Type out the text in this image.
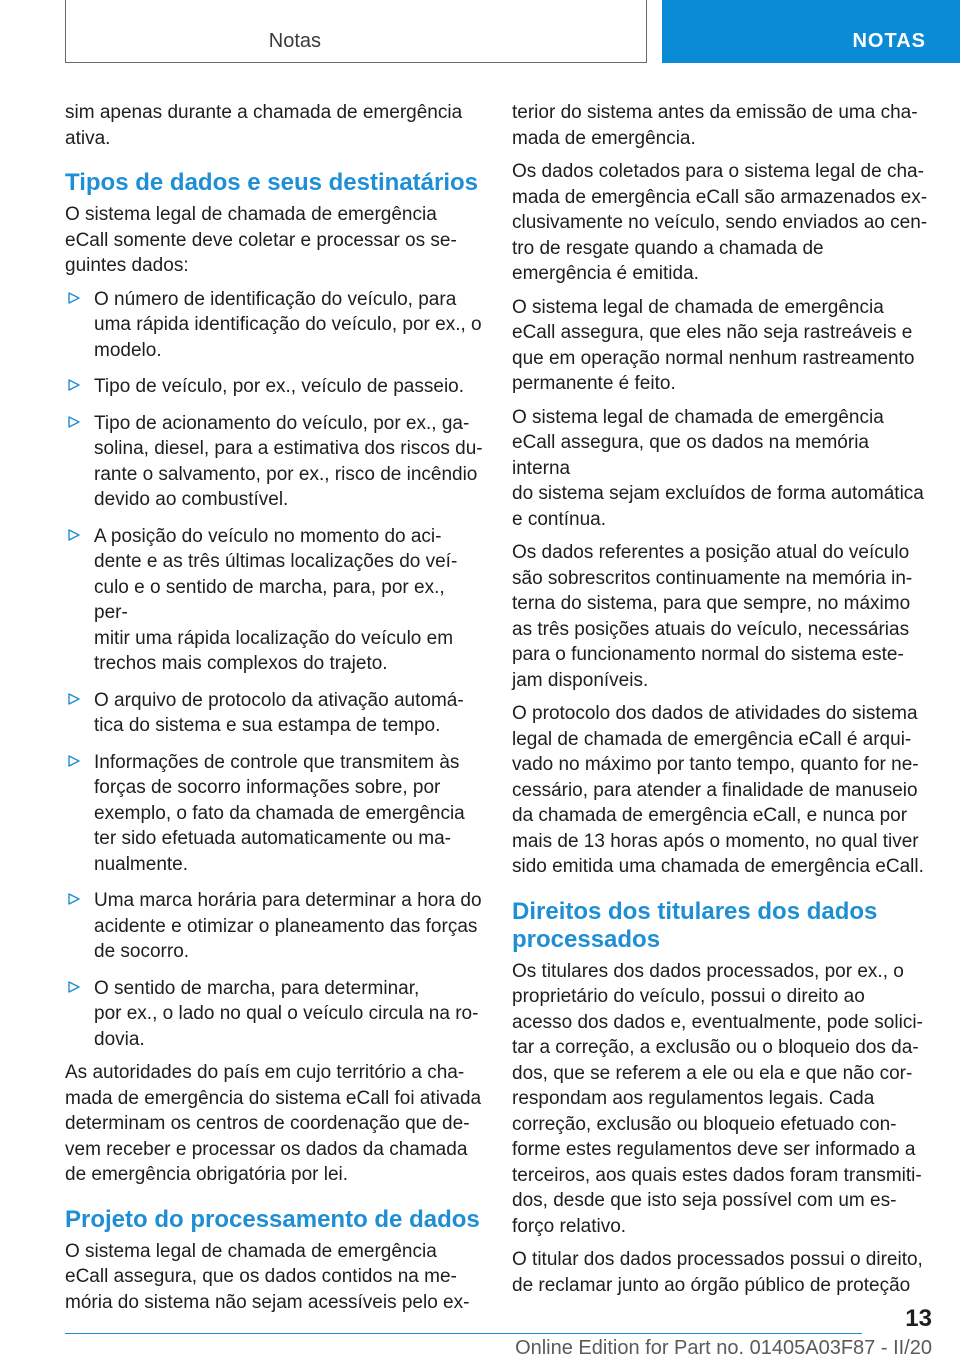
Notas	NOTAS

sim apenas durante a chamada de emergência
ativa.

Tipos de dados e seus destinatários

O sistema legal de chamada de emergência
eCall somente deve coletar e processar os se‐
guintes dados:

O número de identificação do veículo, para
uma rápida identificação do veículo, por ex., o
modelo.
Tipo de veículo, por ex., veículo de passeio.
Tipo de acionamento do veículo, por ex., ga‐
solina, diesel, para a estimativa dos riscos du‐
rante o salvamento, por ex., risco de incêndio
devido ao combustível.
A posição do veículo no momento do aci‐
dente e as três últimas localizações do veí‐
culo e o sentido de marcha, para, por ex., per‐
mitir uma rápida localização do veículo em
trechos mais complexos do trajeto.
O arquivo de protocolo da ativação automá‐
tica do sistema e sua estampa de tempo.
Informações de controle que transmitem às
forças de socorro informações sobre, por
exemplo, o fato da chamada de emergência
ter sido efetuada automaticamente ou ma‐
nualmente.
Uma marca horária para determinar a hora do
acidente e otimizar o planeamento das forças
de socorro.
O sentido de marcha, para determinar,
por ex., o lado no qual o veículo circula na ro‐
dovia.

As autoridades do país em cujo território a cha‐
mada de emergência do sistema eCall foi ativada
determinam os centros de coordenação que de‐
vem receber e processar os dados da chamada
de emergência obrigatória por lei.

Projeto do processamento de dados

O sistema legal de chamada de emergência
eCall assegura, que os dados contidos na me‐
mória do sistema não sejam acessíveis pelo ex‐

terior do sistema antes da emissão de uma cha‐
mada de emergência.

Os dados coletados para o sistema legal de cha‐
mada de emergência eCall são armazenados ex‐
clusivamente no veículo, sendo enviados ao cen‐
tro de resgate quando a chamada de
emergência é emitida.

O sistema legal de chamada de emergência
eCall assegura, que eles não seja rastreáveis e
que em operação normal nenhum rastreamento
permanente é feito.

O sistema legal de chamada de emergência
eCall assegura, que os dados na memória interna
do sistema sejam excluídos de forma automática
e contínua.

Os dados referentes a posição atual do veículo
são sobrescritos continuamente na memória in‐
terna do sistema, para que sempre, no máximo
as três posições atuais do veículo, necessárias
para o funcionamento normal do sistema este‐
jam disponíveis.

O protocolo dos dados de atividades do sistema
legal de chamada de emergência eCall é arqui‐
vado no máximo por tanto tempo, quanto for ne‐
cessário, para atender a finalidade de manuseio
da chamada de emergência eCall, e nunca por
mais de 13 horas após o momento, no qual tiver
sido emitida uma chamada de emergência eCall.

Direitos dos titulares dos dados
processados

Os titulares dos dados processados, por ex., o
proprietário do veículo, possui o direito ao
acesso dos dados e, eventualmente, pode solici‐
tar a correção, a exclusão ou o bloqueio dos da‐
dos, que se referem a ele ou ela e que não cor‐
respondam aos regulamentos legais. Cada
correção, exclusão ou bloqueio efetuado con‐
forme estes regulamentos deve ser informado a
terceiros, aos quais estes dados foram transmiti‐
dos, desde que isto seja possível com um es‐
forço relativo.

O titular dos dados processados possui o direito,
de reclamar junto ao órgão público de proteção

13
Online Edition for Part no. 01405A03F87 - II/20
